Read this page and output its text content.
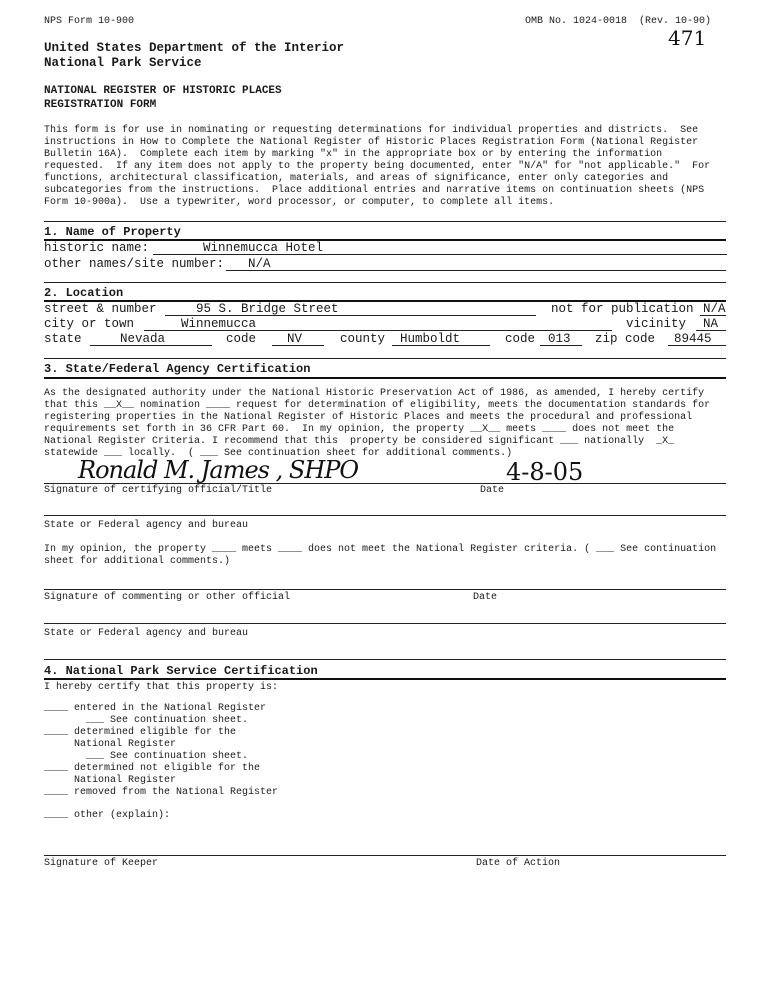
NPS Form 10-900	OMB No. 1024-0018  (Rev. 10-90)
471
United States Department of the Interior
National Park Service
NATIONAL REGISTER OF HISTORIC PLACES
REGISTRATION FORM
This form is for use in nominating or requesting determinations for individual properties and districts.  See
instructions in How to Complete the National Register of Historic Places Registration Form (National Register
Bulletin 16A).  Complete each item by marking "x" in the appropriate box or by entering the information
requested.  If any item does not apply to the property being documented, enter "N/A" for "not applicable."  For
functions, architectural classification, materials, and areas of significance, enter only categories and
subcategories from the instructions.  Place additional entries and narrative items on continuation sheets (NPS
Form 10-900a).  Use a typewriter, word processor, or computer, to complete all items.
1. Name of Property
historic name:	Winnemucca Hotel
other names/site number: N/A
2. Location
street & number	95 S. Bridge Street	not for publication N/A
city or town	Winnemucca	vicinity NA
state	Nevada	code NV	county Humboldt	code 013 zip code 89445
3. State/Federal Agency Certification
As the designated authority under the National Historic Preservation Act of 1986, as amended, I hereby certify
that this __X__ nomination ____ request for determination of eligibility, meets the documentation standards for
registering properties in the National Register of Historic Places and meets the procedural and professional
requirements set forth in 36 CFR Part 60.  In my opinion, the property __X__ meets ____ does not meet the
National Register Criteria. I recommend that this  property be considered significant ___ nationally  _X_
statewide ___ locally.  ( ___ See continuation sheet for additional comments.)
Ronald M. James , SHPO	4-8-05
Signature of certifying official/Title	Date
State or Federal agency and bureau
In my opinion, the property ____ meets ____ does not meet the National Register criteria. ( ___ See continuation
sheet for additional comments.)
Signature of commenting or other official	Date
State or Federal agency and bureau
4. National Park Service Certification
I hereby certify that this property is:
____ entered in the National Register
___ See continuation sheet.
____ determined eligible for the
National Register
___ See continuation sheet.
____ determined not eligible for the
National Register
____ removed from the National Register
____ other (explain):
Signature of Keeper	Date of Action
